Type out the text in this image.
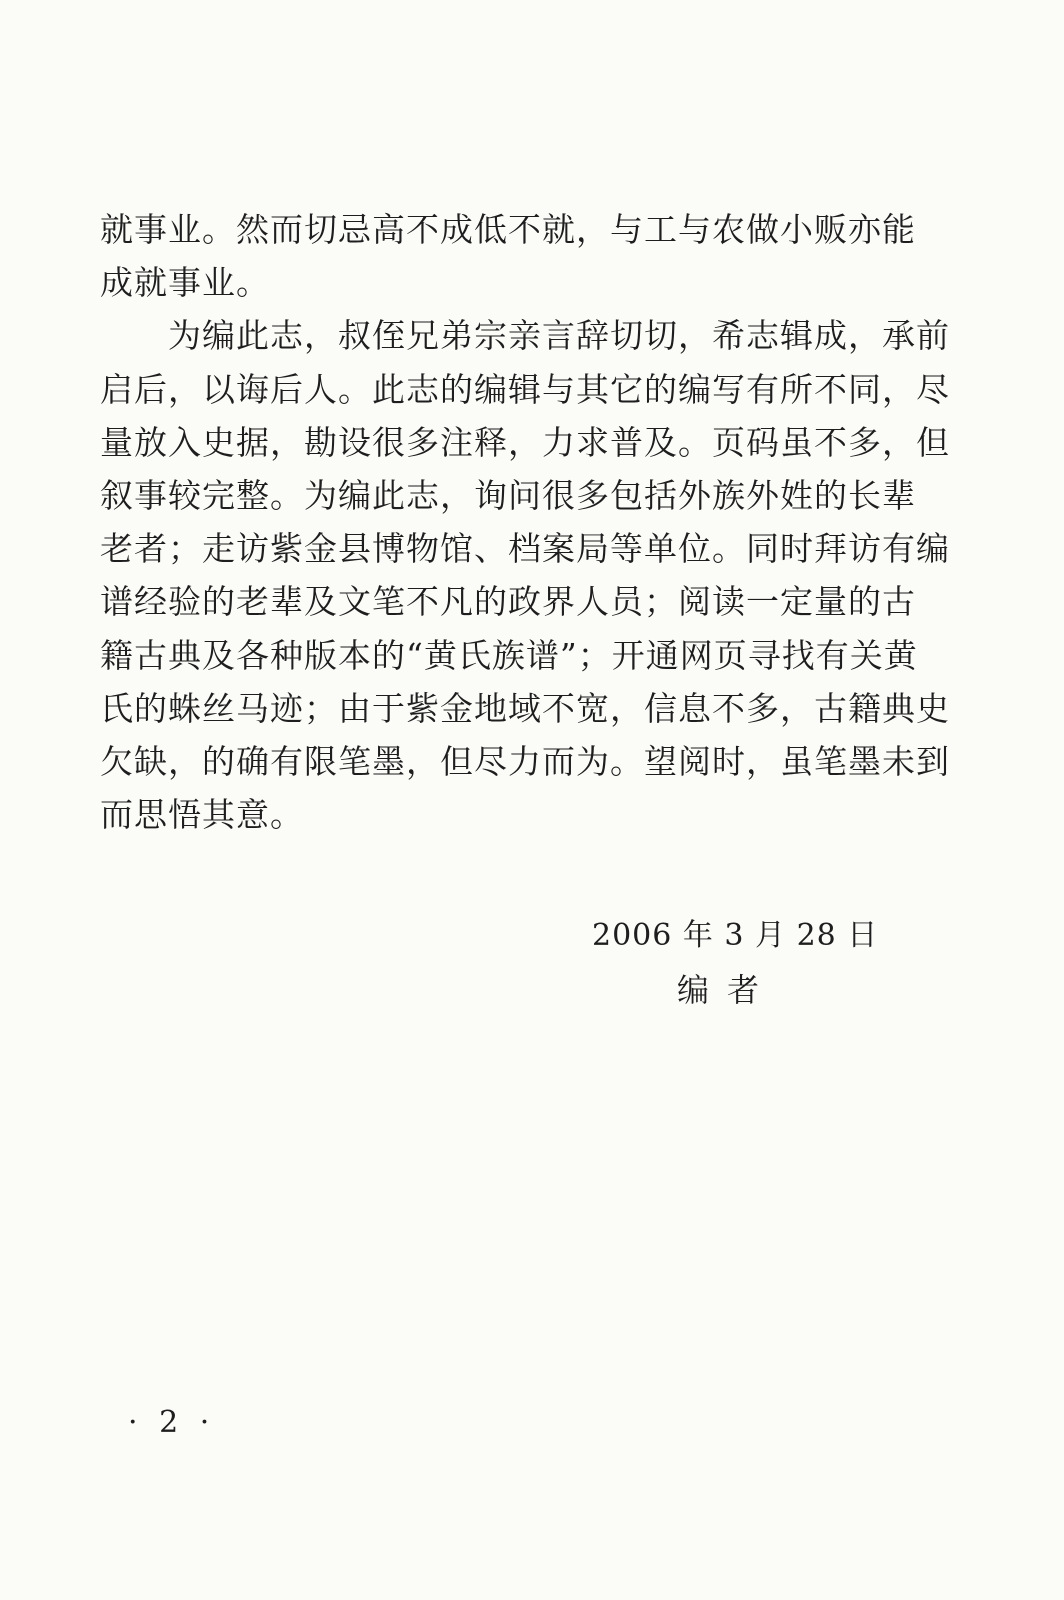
就事业。然而切忌高不成低不就，与工与农做小贩亦能
成就事业。
为编此志，叔侄兄弟宗亲言辞切切，希志辑成，承前
启后，以诲后人。此志的编辑与其它的编写有所不同，尽
量放入史据，勘设很多注释，力求普及。页码虽不多，但
叙事较完整。为编此志，询问很多包括外族外姓的长辈
老者；走访紫金县博物馆、档案局等单位。同时拜访有编
谱经验的老辈及文笔不凡的政界人员；阅读一定量的古
籍古典及各种版本的“黄氏族谱”；开通网页寻找有关黄
氏的蛛丝马迹；由于紫金地域不宽，信息不多，古籍典史
欠缺，的确有限笔墨，但尽力而为。望阅时，虽笔墨未到
而思悟其意。
2006 年 3 月 28 日
编者
· 2 ·
